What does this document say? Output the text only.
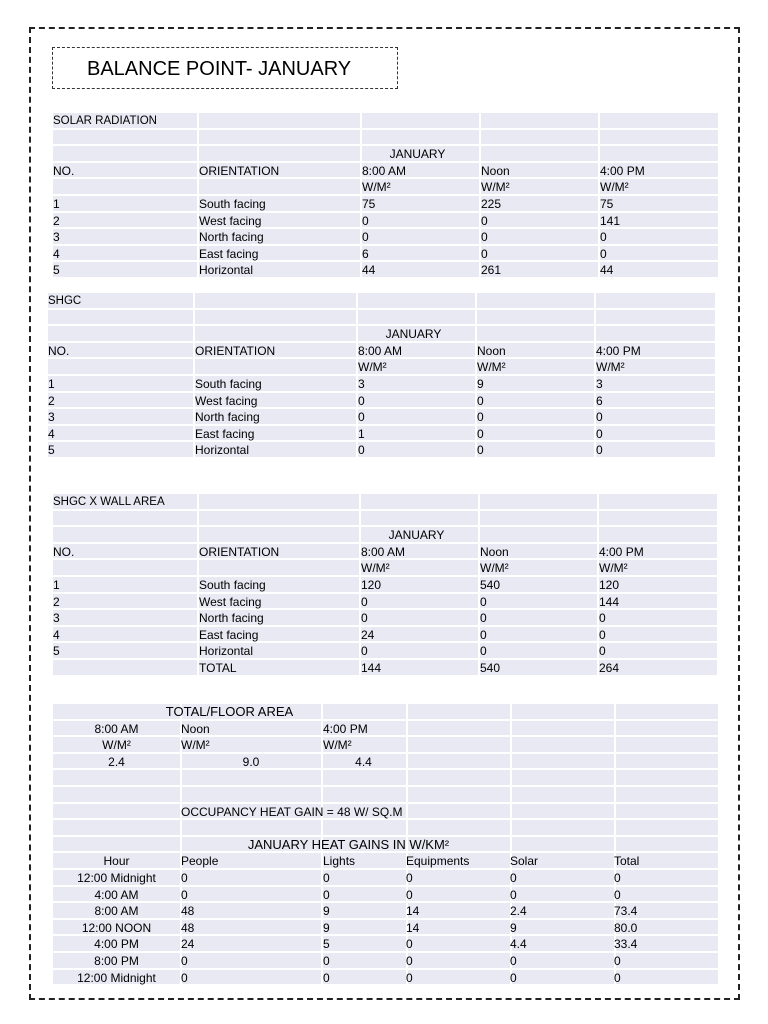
BALANCE POINT- JANUARY
SOLAR RADIATION
JANUARY
NO.	ORIENTATION	8:00 AM	Noon	4:00 PM
W/M²	W/M²	W/M²
1	South facing	75	225	75
2	West facing	0	0	141
3	North facing	0	0	0
4	East facing	6	0	0
5	Horizontal	44	261	44
SHGC
JANUARY
NO.	ORIENTATION	8:00 AM	Noon	4:00 PM
W/M²	W/M²	W/M²
1	South facing	3	9	3
2	West facing	0	0	6
3	North facing	0	0	0
4	East facing	1	0	0
5	Horizontal	0	0	0
SHGC X WALL AREA
JANUARY
NO.	ORIENTATION	8:00 AM	Noon	4:00 PM
W/M²	W/M²	W/M²
1	South facing	120	540	120
2	West facing	0	0	144
3	North facing	0	0	0
4	East facing	24	0	0
5	Horizontal	0	0	0
TOTAL	144	540	264
TOTAL/FLOOR AREA
8:00 AM	Noon	4:00 PM
W/M²	W/M²	W/M²
2.4	9.0	4.4
OCCUPANCY HEAT GAIN = 48 W/ SQ.M
JANUARY HEAT GAINS IN W/KM²
Hour	People	Lights	Equipments	Solar	Total
12:00 Midnight	0	0	0	0	0
4:00 AM	0	0	0	0	0
8:00 AM	48	9	14	2.4	73.4
12:00 NOON	48	9	14	9	80.0
4:00 PM	24	5	0	4.4	33.4
8:00 PM	0	0	0	0	0
12:00 Midnight	0	0	0	0	0
